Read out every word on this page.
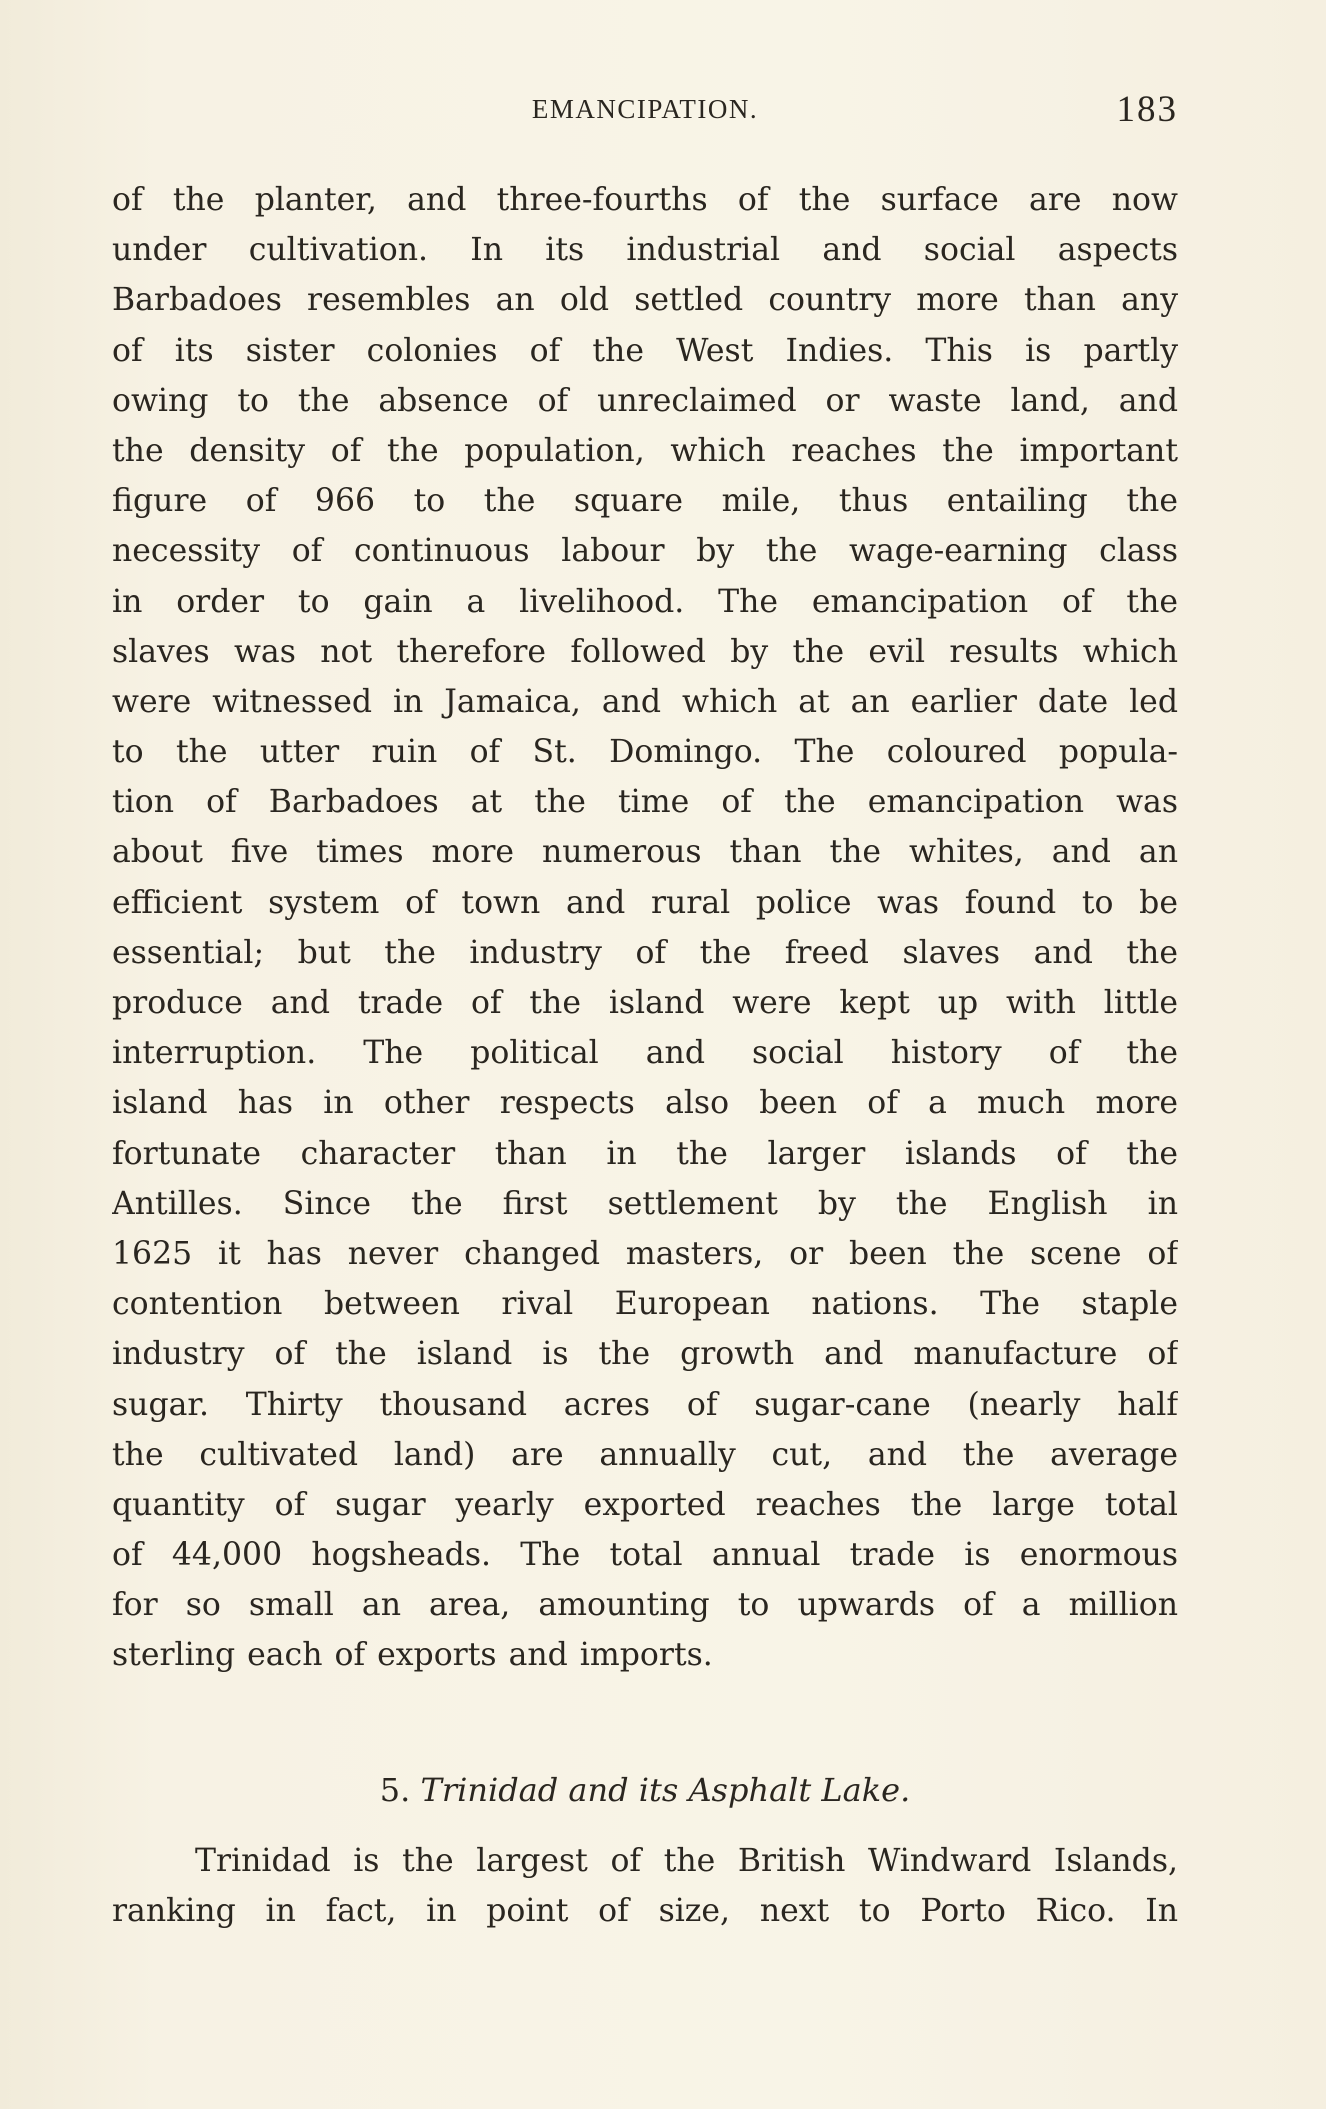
EMANCIPATION.	183
of the planter, and three-fourths of the surface are now
under cultivation. In its industrial and social aspects
Barbadoes resembles an old settled country more than any
of its sister colonies of the West Indies. This is partly
owing to the absence of unreclaimed or waste land, and
the density of the population, which reaches the important
figure of 966 to the square mile, thus entailing the
necessity of continuous labour by the wage-earning class
in order to gain a livelihood. The emancipation of the
slaves was not therefore followed by the evil results which
were witnessed in Jamaica, and which at an earlier date led
to the utter ruin of St. Domingo. The coloured popula-
tion of Barbadoes at the time of the emancipation was
about five times more numerous than the whites, and an
efficient system of town and rural police was found to be
essential; but the industry of the freed slaves and the
produce and trade of the island were kept up with little
interruption. The political and social history of the
island has in other respects also been of a much more
fortunate character than in the larger islands of the
Antilles. Since the first settlement by the English in
1625 it has never changed masters, or been the scene of
contention between rival European nations. The staple
industry of the island is the growth and manufacture of
sugar. Thirty thousand acres of sugar-cane (nearly half
the cultivated land) are annually cut, and the average
quantity of sugar yearly exported reaches the large total
of 44,000 hogsheads. The total annual trade is enormous
for so small an area, amounting to upwards of a million
sterling each of exports and imports.
5. Trinidad and its Asphalt Lake.
Trinidad is the largest of the British Windward Islands,
ranking in fact, in point of size, next to Porto Rico. In
